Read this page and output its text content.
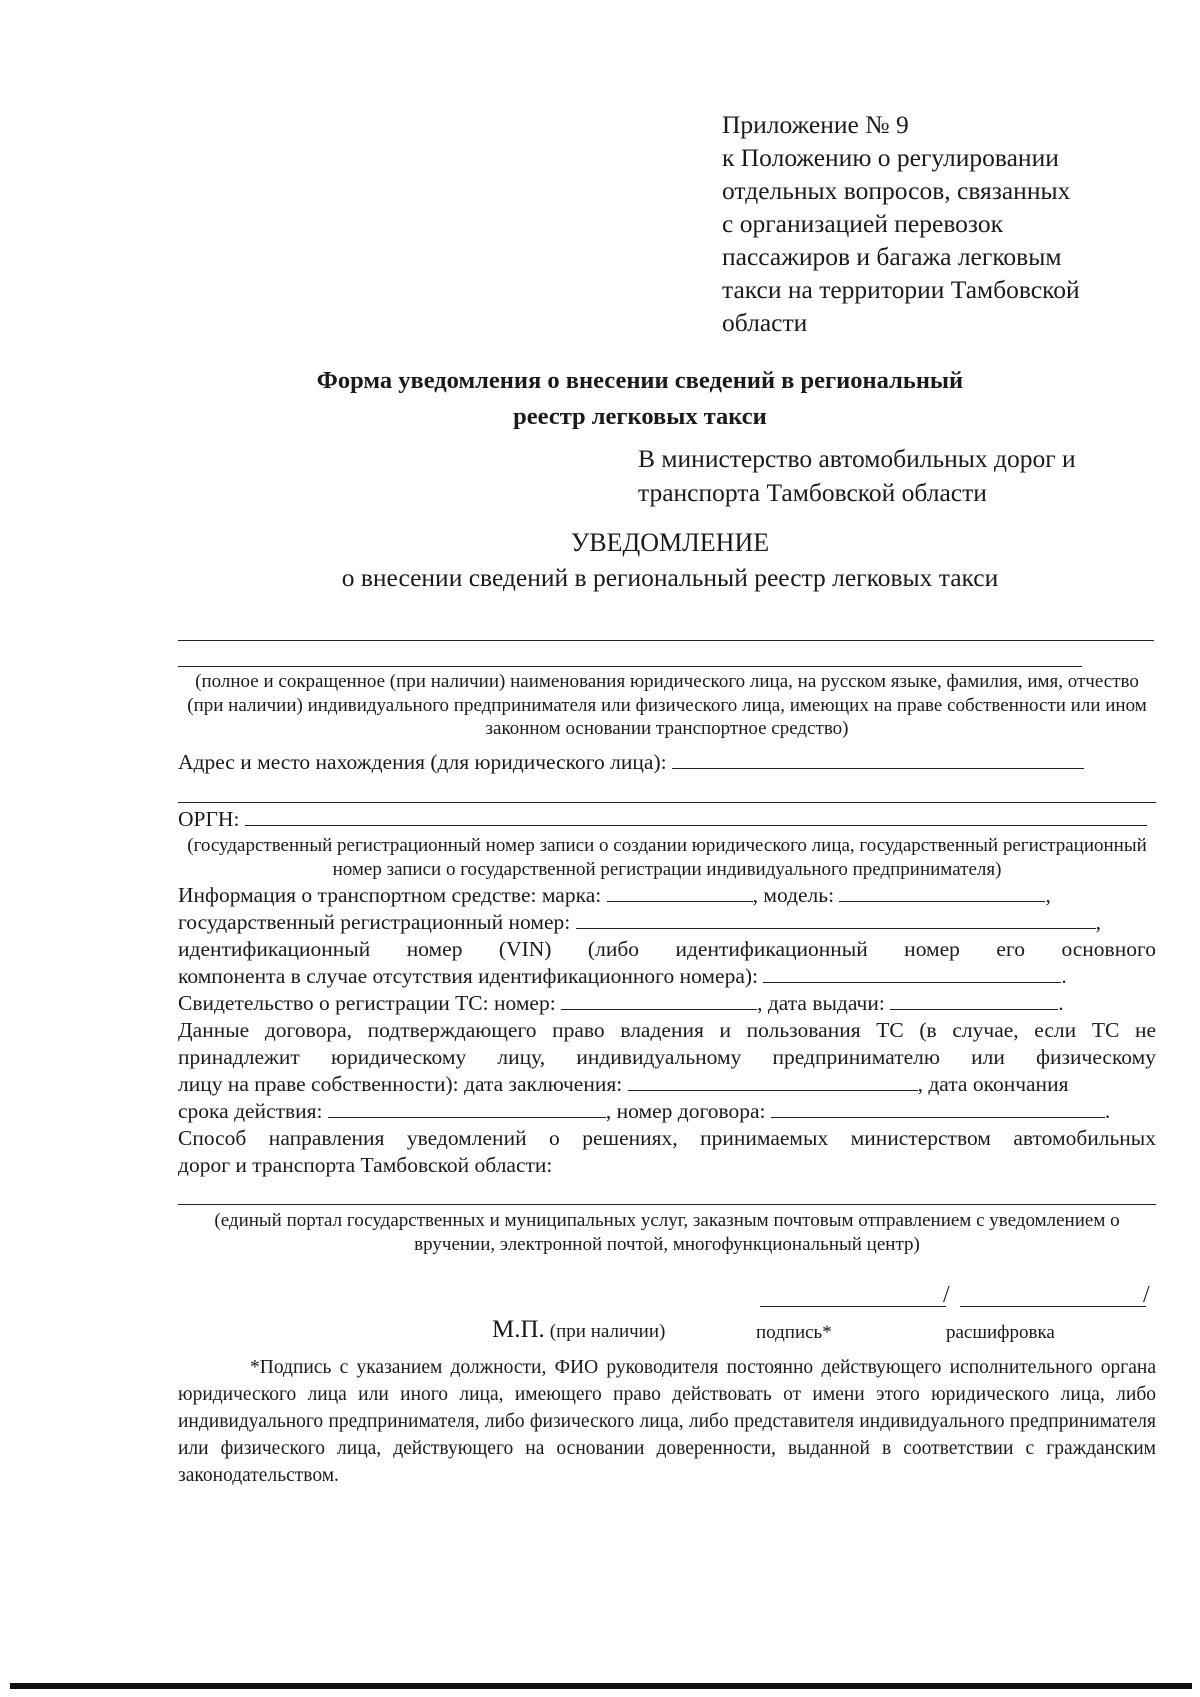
Приложение № 9
к Положению о регулировании
отдельных вопросов, связанных
с организацией перевозок
пассажиров и багажа легковым
такси на территории Тамбовской
области
Форма уведомления о внесении сведений в региональный
реестр легковых такси
В министерство автомобильных дорог и
транспорта Тамбовской области
УВЕДОМЛЕНИЕ
о внесении сведений в региональный реестр легковых такси
(полное и сокращенное (при наличии) наименования юридического лица, на русском языке, фамилия, имя, отчество (при наличии) индивидуального предпринимателя или физического лица, имеющих на праве собственности или ином законном основании транспортное средство)
Адрес и место нахождения (для юридического лица):
ОРГН:
(государственный регистрационный номер записи о создании юридического лица, государственный регистрационный номер записи о государственной регистрации индивидуального предпринимателя)
Информация о транспортном средстве: марка:	, модель:	,
государственный регистрационный номер:	,
идентификационный номер (VIN) (либо идентификационный номер его основного
компонента в случае отсутствия идентификационного номера):	.
Свидетельство о регистрации ТС: номер:	, дата выдачи:	.
Данные договора, подтверждающего право владения и пользования ТС (в случае, если ТС не
принадлежит юридическому лицу, индивидуальному предпринимателю или физическому
лицу на праве собственности): дата заключения:	, дата окончания
срока действия:	, номер договора:	.
Способ направления уведомлений о решениях, принимаемых министерством автомобильных
дорог и транспорта Тамбовской области:
(единый портал государственных и муниципальных услуг, заказным почтовым отправлением с уведомлением о вручении, электронной почтой, многофункциональный центр)
/	/
М.П. (при наличии)	подпись*	расшифровка
*Подпись с указанием должности, ФИО руководителя постоянно действующего исполнительного органа юридического лица или иного лица, имеющего право действовать от имени этого юридического лица, либо индивидуального предпринимателя, либо физического лица, либо представителя индивидуального предпринимателя или физического лица, действующего на основании доверенности, выданной в соответствии с гражданским законодательством.
